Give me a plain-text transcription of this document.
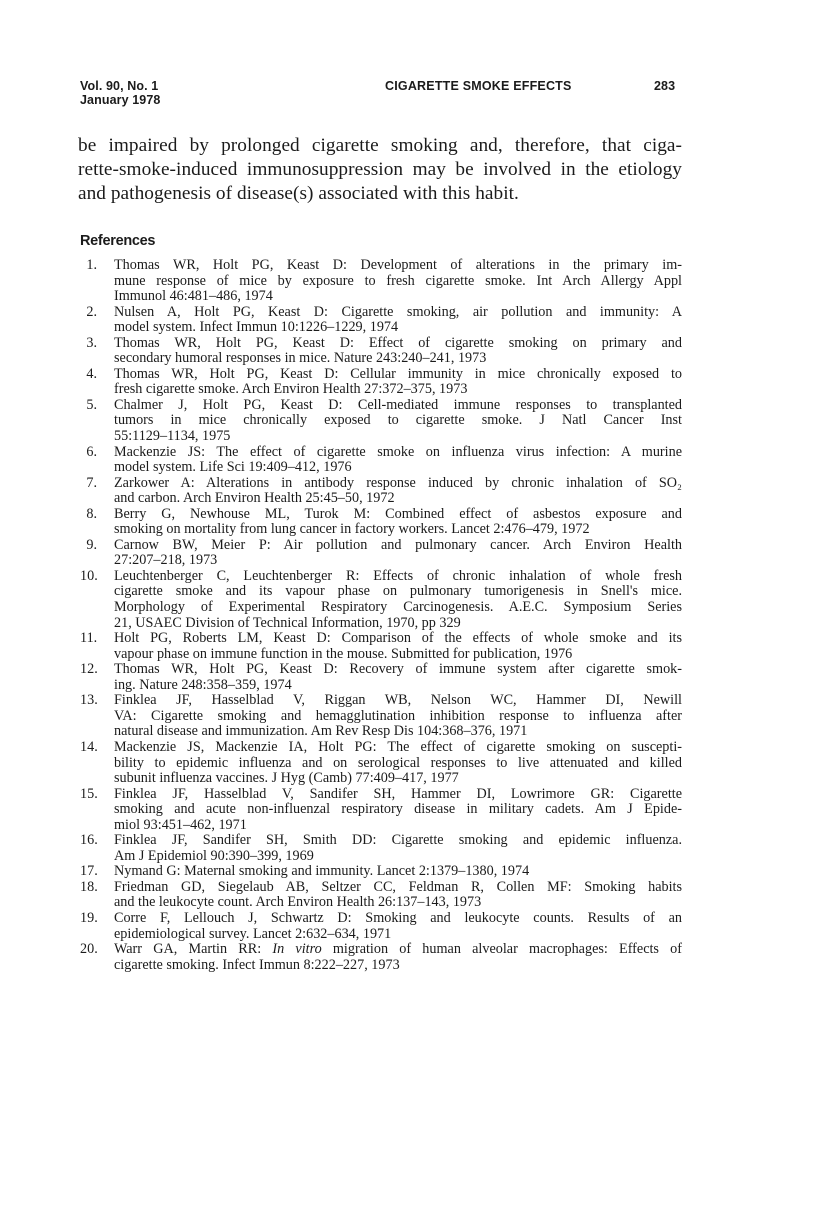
Vol. 90, No. 1
January 1978
CIGARETTE SMOKE EFFECTS	283
be impaired by prolonged cigarette smoking and, therefore, that ciga-
rette-smoke-induced immunosuppression may be involved in the etiology
and pathogenesis of disease(s) associated with this habit.
References
1. Thomas WR, Holt PG, Keast D: Development of alterations in the primary im-
mune response of mice by exposure to fresh cigarette smoke. Int Arch Allergy Appl
Immunol 46:481–486, 1974
2. Nulsen A, Holt PG, Keast D: Cigarette smoking, air pollution and immunity: A
model system. Infect Immun 10:1226–1229, 1974
3. Thomas WR, Holt PG, Keast D: Effect of cigarette smoking on primary and
secondary humoral responses in mice. Nature 243:240–241, 1973
4. Thomas WR, Holt PG, Keast D: Cellular immunity in mice chronically exposed to
fresh cigarette smoke. Arch Environ Health 27:372–375, 1973
5. Chalmer J, Holt PG, Keast D: Cell-mediated immune responses to transplanted
tumors in mice chronically exposed to cigarette smoke. J Natl Cancer Inst
55:1129–1134, 1975
6. Mackenzie JS: The effect of cigarette smoke on influenza virus infection: A murine
model system. Life Sci 19:409–412, 1976
7. Zarkower A: Alterations in antibody response induced by chronic inhalation of SO₂
and carbon. Arch Environ Health 25:45–50, 1972
8. Berry G, Newhouse ML, Turok M: Combined effect of asbestos exposure and
smoking on mortality from lung cancer in factory workers. Lancet 2:476–479, 1972
9. Carnow BW, Meier P: Air pollution and pulmonary cancer. Arch Environ Health
27:207–218, 1973
10. Leuchtenberger C, Leuchtenberger R: Effects of chronic inhalation of whole fresh
cigarette smoke and its vapour phase on pulmonary tumorigenesis in Snell's mice.
Morphology of Experimental Respiratory Carcinogenesis. A.E.C. Symposium Series
21, USAEC Division of Technical Information, 1970, pp 329
11. Holt PG, Roberts LM, Keast D: Comparison of the effects of whole smoke and its
vapour phase on immune function in the mouse. Submitted for publication, 1976
12. Thomas WR, Holt PG, Keast D: Recovery of immune system after cigarette smok-
ing. Nature 248:358–359, 1974
13. Finklea JF, Hasselblad V, Riggan WB, Nelson WC, Hammer DI, Newill
VA: Cigarette smoking and hemagglutination inhibition response to influenza after
natural disease and immunization. Am Rev Resp Dis 104:368–376, 1971
14. Mackenzie JS, Mackenzie IA, Holt PG: The effect of cigarette smoking on suscepti-
bility to epidemic influenza and on serological responses to live attenuated and killed
subunit influenza vaccines. J Hyg (Camb) 77:409–417, 1977
15. Finklea JF, Hasselblad V, Sandifer SH, Hammer DI, Lowrimore GR: Cigarette
smoking and acute non-influenzal respiratory disease in military cadets. Am J Epide-
miol 93:451–462, 1971
16. Finklea JF, Sandifer SH, Smith DD: Cigarette smoking and epidemic influenza.
Am J Epidemiol 90:390–399, 1969
17. Nymand G: Maternal smoking and immunity. Lancet 2:1379–1380, 1974
18. Friedman GD, Siegelaub AB, Seltzer CC, Feldman R, Collen MF: Smoking habits
and the leukocyte count. Arch Environ Health 26:137–143, 1973
19. Corre F, Lellouch J, Schwartz D: Smoking and leukocyte counts. Results of an
epidemiological survey. Lancet 2:632–634, 1971
20. Warr GA, Martin RR: In vitro migration of human alveolar macrophages: Effects of
cigarette smoking. Infect Immun 8:222–227, 1973
